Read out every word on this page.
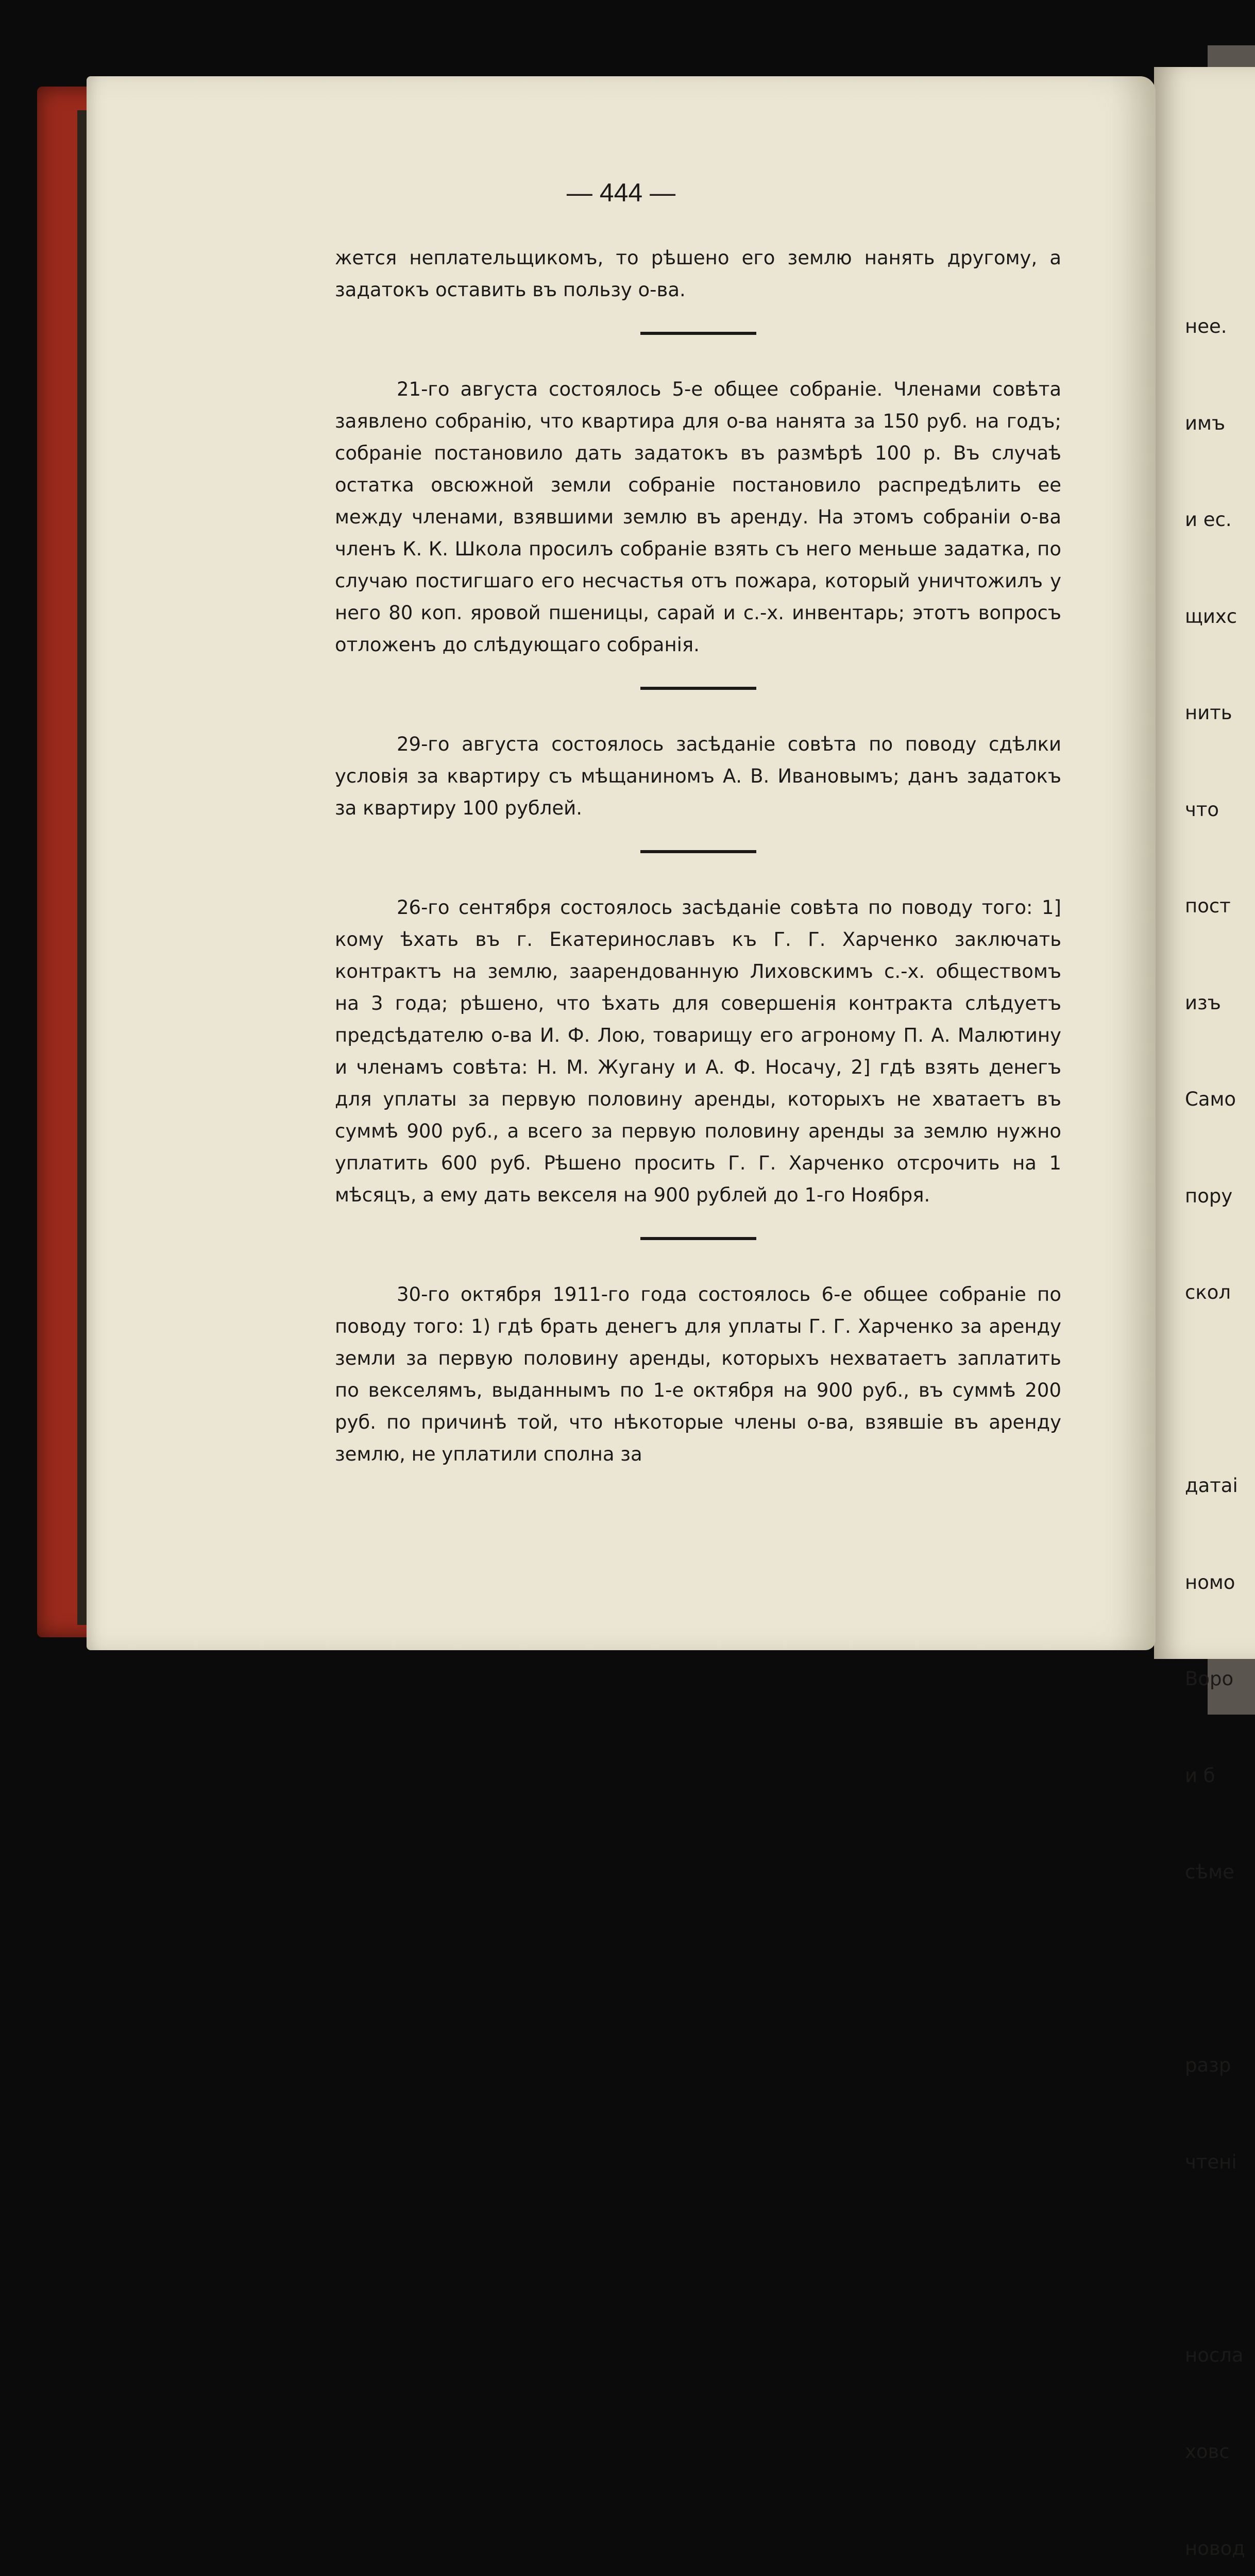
— 444 —

жется неплательщикомъ, то рѣшено его землю нанять другому, а задатокъ оставить въ пользу о-ва.

21-го августа состоялось 5-е общее собраніе. Членами совѣта заявлено собранію, что квартира для о-ва нанята за 150 руб. на годъ; собраніе постановило дать задатокъ въ размѣрѣ 100 р. Въ случаѣ остатка овсюжной земли собраніе постановило распредѣлить ее между членами, взявшими землю въ аренду. На этомъ собраніи о-ва членъ К. К. Школа просилъ собраніе взять съ него меньше задатка, по случаю постигшаго его несчастья отъ пожара, который уничтожилъ у него 80 коп. яровой пшеницы, сарай и с.-х. инвентарь; этотъ вопросъ отложенъ до слѣдующаго собранія.

29-го августа состоялось засѣданіе совѣта по поводу сдѣлки условія за квартиру съ мѣщаниномъ А. В. Ивановымъ; данъ задатокъ за квартиру 100 рублей.

26-го сентября состоялось засѣданіе совѣта по поводу того: 1] кому ѣхать въ г. Екатеринославъ къ Г. Г. Харченко заключать контрактъ на землю, заарендованную Лиховскимъ с.-х. обществомъ на 3 года; рѣшено, что ѣхать для совершенія контракта слѣдуетъ предсѣдателю о-ва И. Ф. Лою, товарищу его агроному П. А. Малютину и членамъ совѣта: Н. М. Жугану и А. Ф. Носачу, 2] гдѣ взять денегъ для уплаты за первую половину аренды, которыхъ не хватаетъ въ суммѣ 900 руб., а всего за первую половину аренды за землю нужно уплатить 600 руб. Рѣшено просить Г. Г. Харченко отсрочить на 1 мѣсяцъ, а ему дать векселя на 900 рублей до 1-го Ноября.

30-го октября 1911-го года состоялось 6-е общее собраніе по поводу того: 1) гдѣ брать денегъ для уплаты Г. Г. Харченко за аренду земли за первую половину аренды, которыхъ нехватаетъ заплатить по векселямъ, выданнымъ по 1-е октября на 900 руб., въ суммѣ 200 руб. по причинѣ той, что нѣкоторые члены о-ва, взявшіе въ аренду землю, не уплатили сполна за

нее.

имъ

и ес.

щихс

нить

что

пост

изъ

Само

пору

скол

датаі

номо

Воро

и б

сѣме

разр

чтені

носла

ховс

новод
